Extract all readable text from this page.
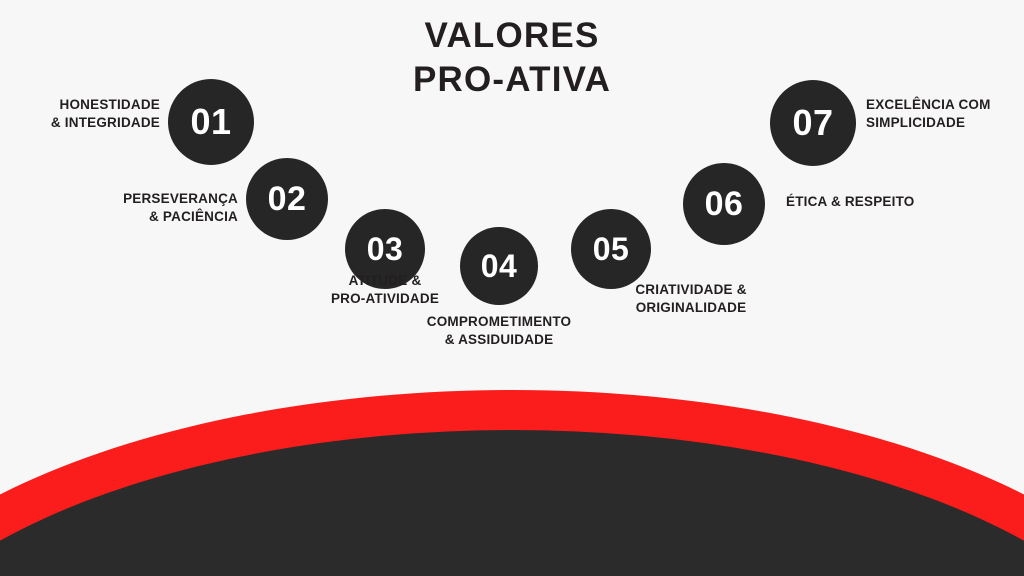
VALORES
PRO-ATIVA
01
HONESTIDADE
& INTEGRIDADE
02
PERSEVERANÇA
& PACIÊNCIA
03
ATITUDE &
PRO-ATIVIDADE
04
COMPROMETIMENTO
& ASSIDUIDADE
05
CRIATIVIDADE &
ORIGINALIDADE
06	ÉTICA & RESPEITO
07 EXCELÊNCIA COM
SIMPLICIDADE
